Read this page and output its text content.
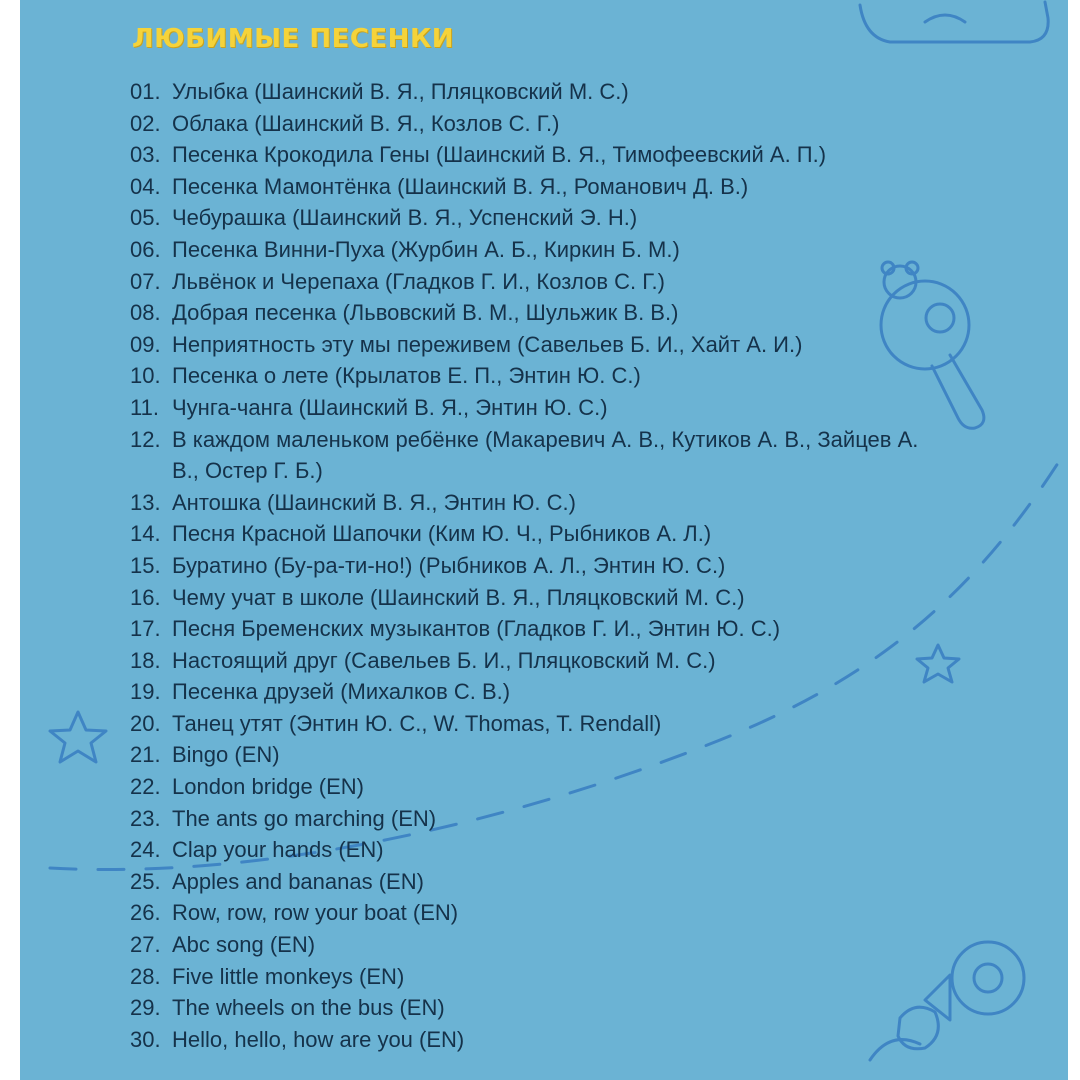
ЛЮБИМЫЕ ПЕСЕНКИ
01. Улыбка (Шаинский В. Я., Пляцковский М. С.)
02. Облака (Шаинский В. Я., Козлов С. Г.)
03. Песенка Крокодила Гены (Шаинский В. Я., Тимофеевский А. П.)
04. Песенка Мамонтёнка (Шаинский В. Я., Романович Д. В.)
05. Чебурашка (Шаинский В. Я., Успенский Э. Н.)
06. Песенка Винни-Пуха (Журбин А. Б., Киркин Б. М.)
07. Львёнок и Черепаха (Гладков Г. И., Козлов С. Г.)
08. Добрая песенка (Львовский В. М., Шульжик В. В.)
09. Неприятность эту мы переживем (Савельев Б. И., Хайт А. И.)
10. Песенка о лете (Крылатов Е. П., Энтин Ю. С.)
11. Чунга-чанга (Шаинский В. Я., Энтин Ю. С.)
12. В каждом маленьком ребёнке (Макаревич А. В., Кутиков А. В., Зайцев А. В., Остер Г. Б.)
13. Антошка (Шаинский В. Я., Энтин Ю. С.)
14. Песня Красной Шапочки (Ким Ю. Ч., Рыбников А. Л.)
15. Буратино (Бу-ра-ти-но!) (Рыбников А. Л., Энтин Ю. С.)
16. Чему учат в школе (Шаинский В. Я., Пляцковский М. С.)
17. Песня Бременских музыкантов (Гладков Г. И., Энтин Ю. С.)
18. Настоящий друг (Савельев Б. И., Пляцковский М. С.)
19. Песенка друзей (Михалков С. В.)
20. Танец утят (Энтин Ю. С., W. Thomas, T. Rendall)
21. Bingo (EN)
22. London bridge (EN)
23. The ants go marching (EN)
24. Clap your hands (EN)
25. Apples and bananas (EN)
26. Row, row, row your boat (EN)
27. Abc song (EN)
28. Five little monkeys (EN)
29. The wheels on the bus (EN)
30. Hello, hello, how are you (EN)
